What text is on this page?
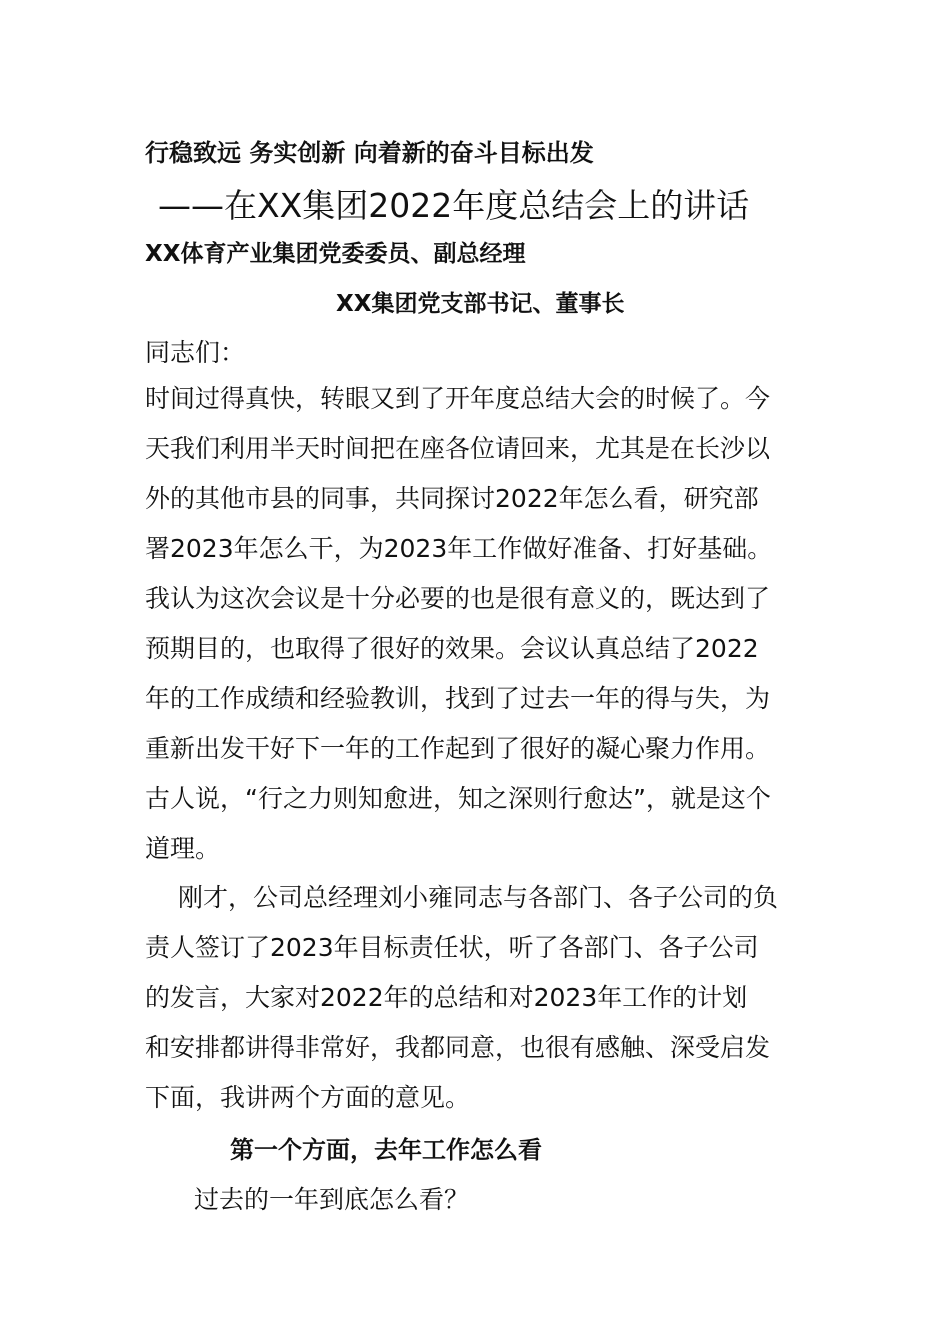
行稳致远 务实创新 向着新的奋斗目标出发
——在XX集团2022年度总结会上的讲话
XX体育产业集团党委委员、副总经理
XX集团党支部书记、董事长
同志们：
时间过得真快，转眼又到了开年度总结大会的时候了。今
天我们利用半天时间把在座各位请回来，尤其是在长沙以
外的其他市县的同事，共同探讨2022年怎么看，研究部
署2023年怎么干，为2023年工作做好准备、打好基础。
我认为这次会议是十分必要的也是很有意义的，既达到了
预期目的，也取得了很好的效果。会议认真总结了2022
年的工作成绩和经验教训，找到了过去一年的得与失，为
重新出发干好下一年的工作起到了很好的凝心聚力作用。
古人说，“行之力则知愈进，知之深则行愈达”，就是这个
道理。
刚才，公司总经理刘小雍同志与各部门、各子公司的负
责人签订了2023年目标责任状，听了各部门、各子公司
的发言，大家对2022年的总结和对2023年工作的计划
和安排都讲得非常好，我都同意，也很有感触、深受启发
下面，我讲两个方面的意见。
第一个方面，去年工作怎么看
过去的一年到底怎么看？
